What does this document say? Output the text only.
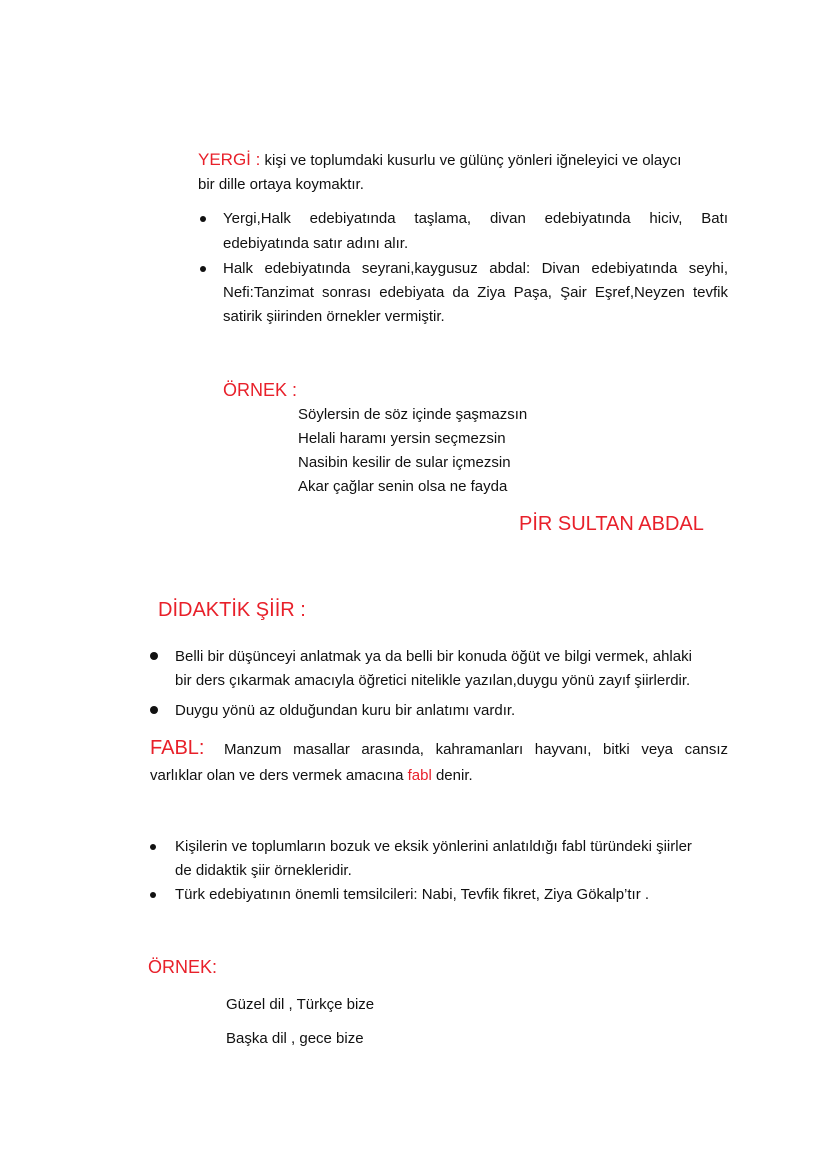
YERGİ : kişi ve toplumdaki kusurlu ve gülünç yönleri iğneleyici ve olaycı
bir dille ortaya koymaktır.
Yergi,Halk edebiyatında taşlama, divan edebiyatında hiciv, Batı
edebiyatında satır adını alır.
Halk edebiyatında seyrani,kaygusuz abdal: Divan edebiyatında seyhi,
Nefi:Tanzimat sonrası edebiyata da Ziya Paşa, Şair Eşref,Neyzen tevfik
satirik şiirinden örnekler vermiştir.
ÖRNEK :
Söylersin de söz içinde şaşmazsın
Helali haramı yersin seçmezsin
Nasibin kesilir de sular içmezsin
Akar çağlar senin olsa ne fayda
PİR SULTAN ABDAL
DİDAKTİK ŞİİR :
Belli bir düşünceyi anlatmak ya da belli bir konuda öğüt ve bilgi vermek, ahlaki
bir ders çıkarmak amacıyla öğretici nitelikle yazılan,duygu yönü zayıf şiirlerdir.
Duygu yönü az olduğundan kuru bir anlatımı vardır.
FABL: Manzum masallar arasında, kahramanları hayvanı, bitki veya cansız
varlıklar olan ve ders vermek amacına fabl denir.
Kişilerin ve toplumların bozuk ve eksik yönlerini anlatıldığı fabl türündeki şiirler
de didaktik şiir örnekleridir.
Türk edebiyatının önemli temsilcileri: Nabi, Tevfik fikret, Ziya Gökalp’tır .
ÖRNEK:
Güzel dil , Türkçe bize
Başka dil , gece bize
